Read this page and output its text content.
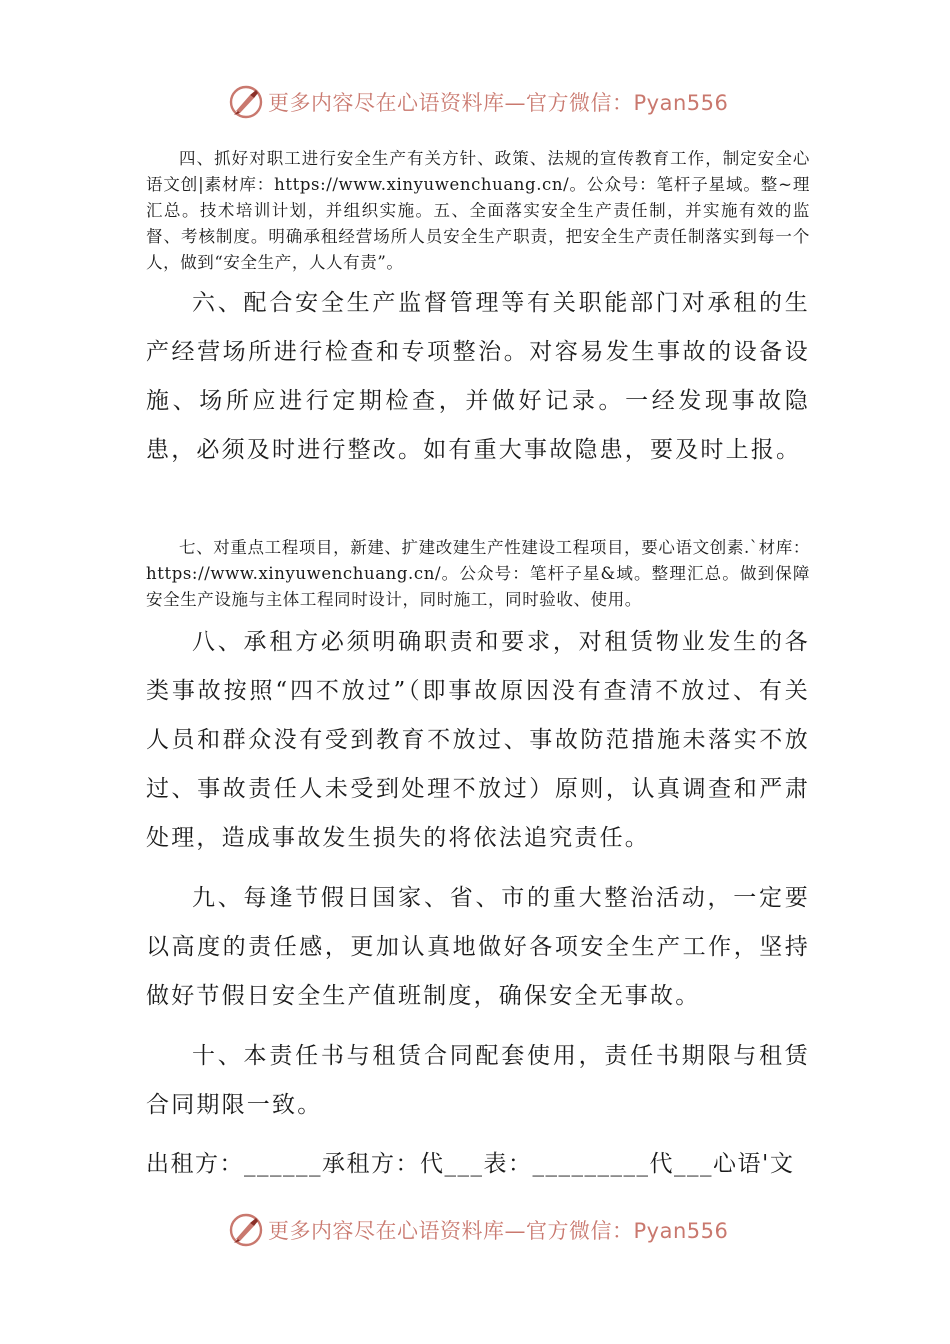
更多内容尽在心语资料库—官方微信：Pyan556

四、抓好对职工进行安全生产有关方针、政策、法规的宣传教育工作，制定安全心语文创|素材库：https://www.xinyuwenchuang.cn/。公众号：笔杆子星域。整~理汇总。技术培训计划，并组织实施。五、全面落实安全生产责任制，并实施有效的监督、考核制度。明确承租经营场所人员安全生产职责，把安全生产责任制落实到每一个人，做到“安全生产，人人有责”。

六、配合安全生产监督管理等有关职能部门对承租的生产经营场所进行检查和专项整治。对容易发生事故的设备设施、场所应进行定期检查，并做好记录。一经发现事故隐患，必须及时进行整改。如有重大事故隐患，要及时上报。

七、对重点工程项目，新建、扩建改建生产性建设工程项目，要心语文创素.`材库：https://www.xinyuwenchuang.cn/。公众号：笔杆子星&域。整理汇总。做到保障安全生产设施与主体工程同时设计，同时施工，同时验收、使用。

八、承租方必须明确职责和要求，对租赁物业发生的各类事故按照“四不放过”（即事故原因没有查清不放过、有关人员和群众没有受到教育不放过、事故防范措施未落实不放过、事故责任人未受到处理不放过）原则，认真调查和严肃处理，造成事故发生损失的将依法追究责任。

九、每逢节假日国家、省、市的重大整治活动，一定要以高度的责任感，更加认真地做好各项安全生产工作，坚持做好节假日安全生产值班制度，确保安全无事故。

十、本责任书与租赁合同配套使用，责任书期限与租赁合同期限一致。

出租方：______承租方：代___表：_________代___心语'文

更多内容尽在心语资料库—官方微信：Pyan556
